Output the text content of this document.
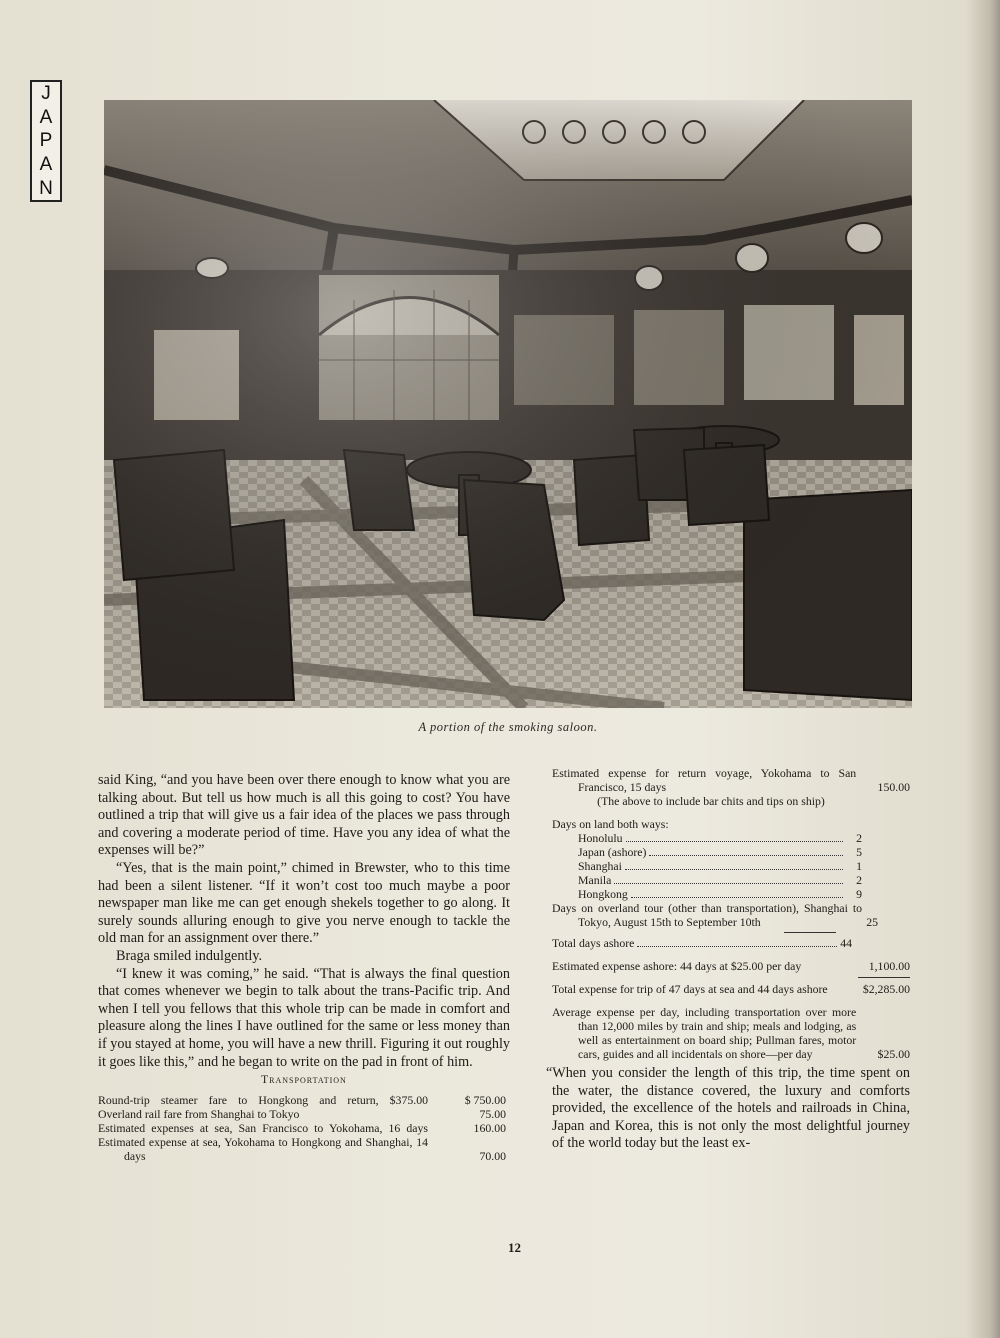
J
A
P
A
N
A portion of the smoking saloon.

said King, “and you have been over there enough to know what you are talking about. But tell us how much is all this going to cost? You have outlined a trip that will give us a fair idea of the places we pass through and covering a moderate period of time. Have you any idea of what the expenses will be?”

“Yes, that is the main point,” chimed in Brewster, who to this time had been a silent listener. “If it won’t cost too much maybe a poor newspaper man like me can get enough shekels together to go along. It surely sounds alluring enough to give you nerve enough to tackle the old man for an assignment over there.”

Braga smiled indulgently.

“I knew it was coming,” he said. “That is always the final question that comes whenever we begin to talk about the trans-Pacific trip. And when I tell you fellows that this whole trip can be made in comfort and pleasure along the lines I have outlined for the same or less money than if you stayed at home, you will have a new thrill. Figuring it out roughly it goes like this,” and he began to write on the pad in front of him.

Transportation
Round-trip steamer fare to Hongkong and return, $375.00	$ 750.00
Overland rail fare from Shanghai to Tokyo	75.00
Estimated expenses at sea, San Francisco to Yokohama, 16 days	160.00
Estimated expense at sea, Yokohama to Hongkong and Shanghai, 14 days	70.00
Estimated expense for return voyage, Yokohama to San Francisco, 15 days	150.00
(The above to include bar chits and tips on ship)
Days on land both ways:
Honolulu	2
Japan (ashore)	5
Shanghai	1
Manila	2
Hongkong	9
Days on overland tour (other than transportation), Shanghai to Tokyo, August 15th to September 10th	25
Total days ashore	44
Estimated expense ashore: 44 days at $25.00 per day	1,100.00
Total expense for trip of 47 days at sea and 44 days ashore	$2,285.00
Average expense per day, including transportation over more than 12,000 miles by train and ship; meals and lodging, as well as entertainment on board ship; Pullman fares, motor cars, guides and all incidentals on shore—per day	$25.00
“When you consider the length of this trip, the time spent on the water, the distance covered, the luxury and comforts provided, the excellence of the hotels and railroads in China, Japan and Korea, this is not only the most delightful journey of the world today but the least ex-
12
